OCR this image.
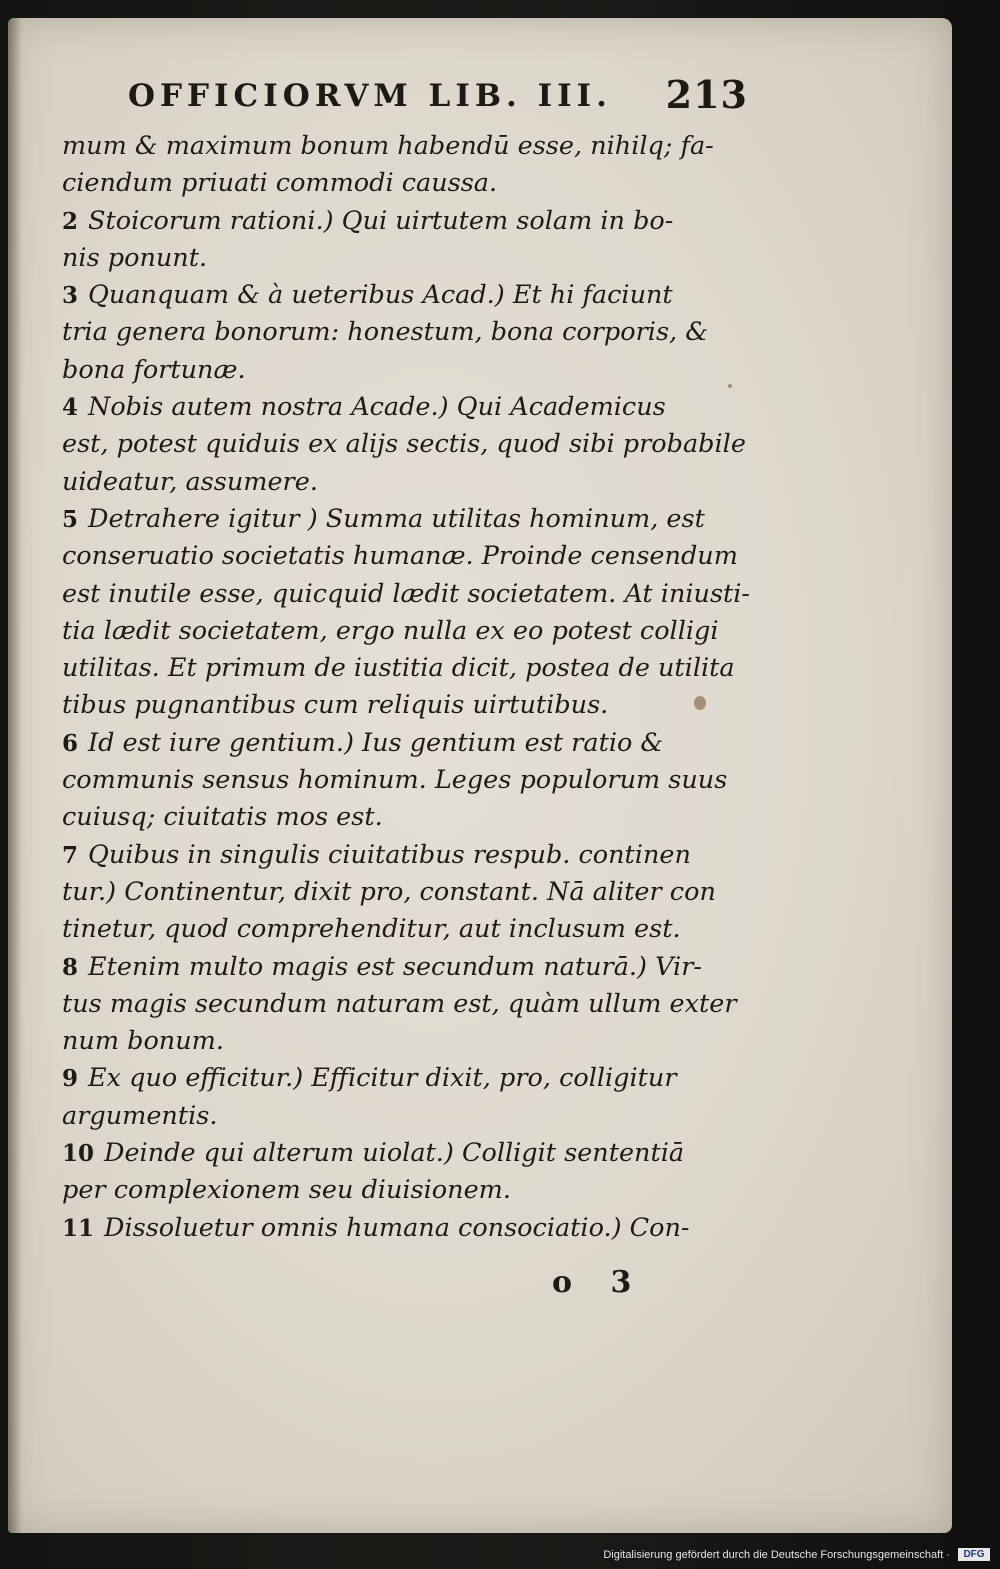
OFFICIORVM LIB. III. 213
mum & maximum bonum habendū esse, nihilq; fa-
ciendum priuati commodi caussa.
2 Stoicorum rationi.) Qui uirtutem solam in bo-
nis ponunt.
3 Quanquam & à ueteribus Acad.) Et hi faciunt
tria genera bonorum: honestum, bona corporis, &
bona fortunæ.
4 Nobis autem nostra Acade.) Qui Academicus
est, potest quiduis ex alijs sectis, quod sibi probabile
uideatur, assumere.
5 Detrahere igitur ) Summa utilitas hominum, est
conseruatio societatis humanæ. Proinde censendum
est inutile esse, quicquid lædit societatem. At iniusti-
tia lædit societatem, ergo nulla ex eo potest colligi
utilitas. Et primum de iustitia dicit, postea de utilita
tibus pugnantibus cum reliquis uirtutibus.
6 Id est iure gentium.) Ius gentium est ratio &
communis sensus hominum. Leges populorum suus
cuiusq; ciuitatis mos est.
7 Quibus in singulis ciuitatibus respub. continen
tur.) Continentur, dixit pro, constant. Nā aliter con
tinetur, quod comprehenditur, aut inclusum est.
8 Etenim multo magis est secundum naturā.) Vir-
tus magis secundum naturam est, quàm ullum exter
num bonum.
9 Ex quo efficitur.) Efficitur dixit, pro, colligitur
argumentis.
10 Deinde qui alterum uiolat.) Colligit sententiā
per complexionem seu diuisionem.
11 Dissoluetur omnis humana consociatio.) Con-
o 3
Digitalisierung gefördert durch die Deutsche Forschungsgemeinschaft ·	DFG
